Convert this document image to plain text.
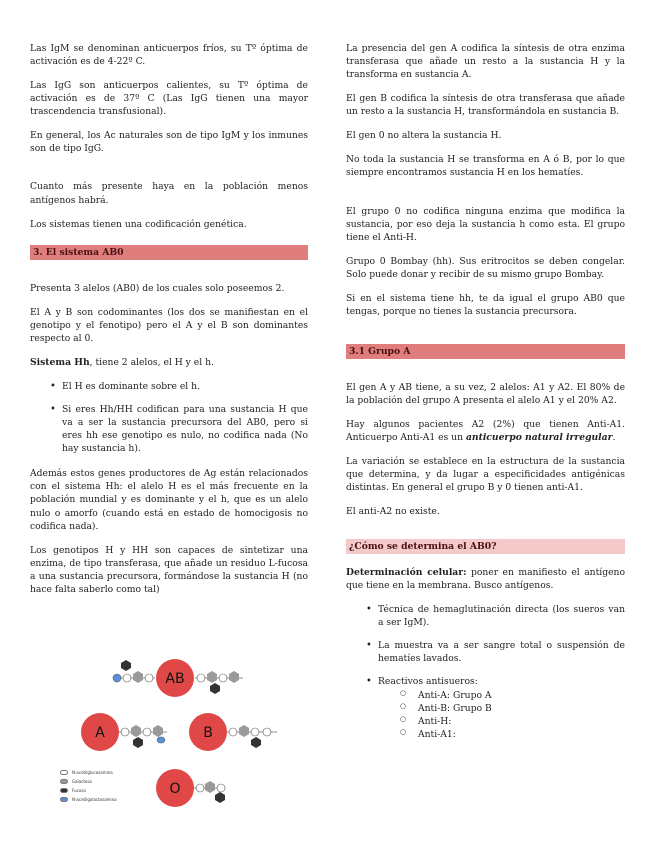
Las IgM se denominan anticuerpos fríos, su Tº óptima de activación es de 4-22º C.

Las IgG son anticuerpos calientes, su Tº óptima de activación es de 37º C (Las IgG tienen una mayor trascendencia transfusional).

En general, los Ac naturales son de tipo IgM y los inmunes son de tipo IgG.

Cuanto más presente haya en la población menos antígenos habrá.

Los sistemas tienen una codificación genética.

3. El sistema AB0

Presenta 3 alelos (AB0) de los cuales solo poseemos 2.

El A y B son codominantes (los dos se manifiestan en el genotipo y el fenotipo) pero el A y el B son dominantes respecto al 0.

Sistema Hh, tiene 2 alelos, el H y el h.

• El H es dominante sobre el h.
• Si eres Hh/HH codifican para una sustancia H que va a ser la sustancia precursora del AB0, pero si eres hh ese genotipo es nulo, no codifica nada (No hay sustancia h).

Además estos genes productores de Ag están relacionados con el sistema Hh: el alelo H es el más frecuente en la población mundial y es dominante y el h, que es un alelo nulo o amorfo (cuando está en estado de homocigosis no codifica nada).

Los genotipos H y HH son capaces de sintetizar una enzima, de tipo transferasa, que añade un residuo L-fucosa a una sustancia precursora, formándose la sustancia H (no hace falta saberlo como tal)

AB
A	B
O
N-acetilglucosamina
Galactosa
Fucosa
N-acetilgalactosamina

La presencia del gen A codifica la síntesis de otra enzima transferasa que añade un resto a la sustancia H y la transforma en sustancia A.

El gen B codifica la síntesis de otra transferasa que añade un resto a la sustancia H, transformándola en sustancia B.

El gen 0 no altera la sustancia H.

No toda la sustancia H se transforma en A ó B, por lo que siempre encontramos sustancia H en los hematíes.

El grupo 0 no codifica ninguna enzima que modifica la sustancia, por eso deja la sustancia h como esta. El grupo tiene el Anti-H.

Grupo 0 Bombay (hh). Sus eritrocitos se deben congelar. Solo puede donar y recibir de su mismo grupo Bombay.

Si en el sistema tiene hh, te da igual el grupo AB0 que tengas, porque no tienes la sustancia precursora.

3.1 Grupo A

El gen A y AB tiene, a su vez, 2 alelos: A1 y A2. El 80% de la población del grupo A presenta el alelo A1 y el 20% A2.

Hay algunos pacientes A2 (2%) que tienen Anti-A1. Anticuerpo Anti-A1 es un anticuerpo natural irregular.

La variación se establece en la estructura de la sustancia que determina, y da lugar a especificidades antigénicas distintas. En general el grupo B y 0 tienen anti-A1.

El anti-A2 no existe.

¿Cómo se determina el AB0?

Determinación celular: poner en manifiesto el antígeno que tiene en la membrana. Busco antígenos.

• Técnica de hemaglutinación directa (los sueros van a ser IgM).
• La muestra va a ser sangre total o suspensión de hematíes lavados.
• Reactivos antisueros:
○ Anti-A: Grupo A
○ Anti-B: Grupo B
○ Anti-H:
○ Anti-A1:
